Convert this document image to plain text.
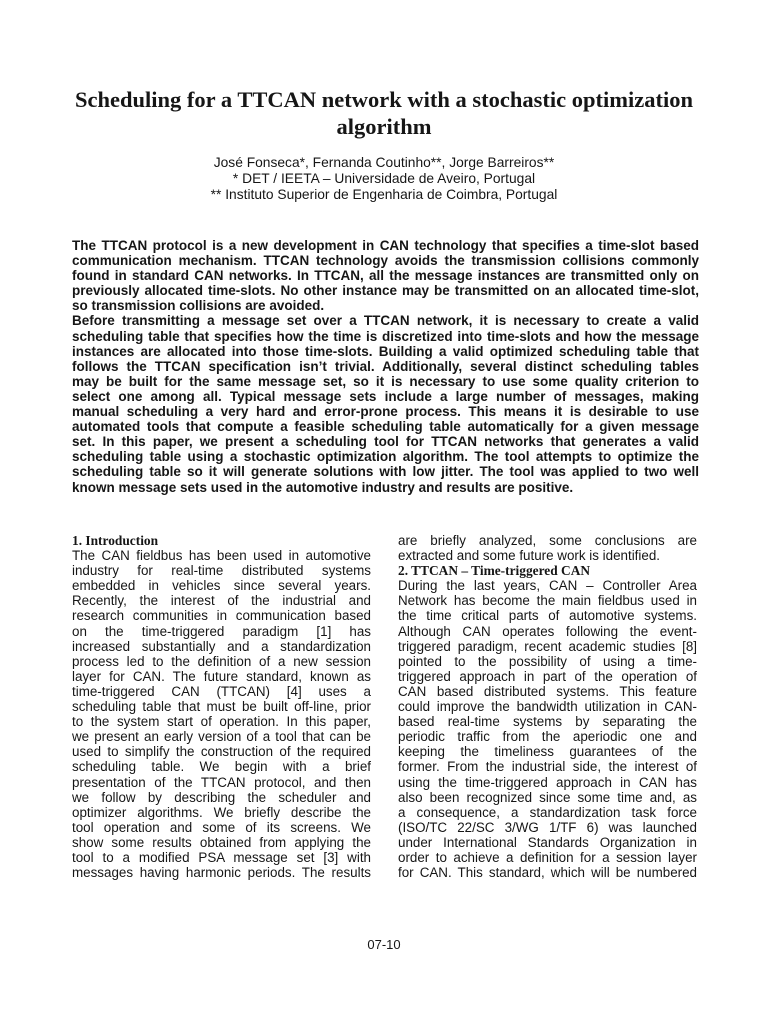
Scheduling for a TTCAN network with a stochastic optimization
algorithm
José Fonseca*, Fernanda Coutinho**, Jorge Barreiros**
* DET / IEETA – Universidade de Aveiro, Portugal
** Instituto Superior de Engenharia de Coimbra, Portugal
The TTCAN protocol is a new development in CAN technology that specifies a time-slot based
communication mechanism. TTCAN technology avoids the transmission collisions commonly
found in standard CAN networks. In TTCAN, all the message instances are transmitted only on
previously allocated time-slots. No other instance may be transmitted on an allocated time-slot,
so transmission collisions are avoided.
Before transmitting a message set over a TTCAN network, it is necessary to create a valid
scheduling table that specifies how the time is discretized into time-slots and how the message
instances are allocated into those time-slots. Building a valid optimized scheduling table that
follows the TTCAN specification isn’t trivial. Additionally, several distinct scheduling tables
may be built for the same message set, so it is necessary to use some quality criterion to
select one among all. Typical message sets include a large number of messages, making
manual scheduling a very hard and error-prone process. This means it is desirable to use
automated tools that compute a feasible scheduling table automatically for a given message
set. In this paper, we present a scheduling tool for TTCAN networks that generates a valid
scheduling table using a stochastic optimization algorithm. The tool attempts to optimize the
scheduling table so it will generate solutions with low jitter. The tool was applied to two well
known message sets used in the automotive industry and results are positive.
1. Introduction
The CAN fieldbus has been used in automotive
industry for real-time distributed systems
embedded in vehicles since several years.
Recently, the interest of the industrial and
research communities in communication based
on the time-triggered paradigm [1] has
increased substantially and a standardization
process led to the definition of a new session
layer for CAN. The future standard, known as
time-triggered CAN (TTCAN) [4] uses a
scheduling table that must be built off-line, prior
to the system start of operation. In this paper,
we present an early version of a tool that can be
used to simplify the construction of the required
scheduling table. We begin with a brief
presentation of the TTCAN protocol, and then
we follow by describing the scheduler and
optimizer algorithms. We briefly describe the
tool operation and some of its screens. We
show some results obtained from applying the
tool to a modified PSA message set [3] with
messages having harmonic periods. The results
are briefly analyzed, some conclusions are
extracted and some future work is identified.
2. TTCAN – Time-triggered CAN
During the last years, CAN – Controller Area
Network has become the main fieldbus used in
the time critical parts of automotive systems.
Although CAN operates following the event-
triggered paradigm, recent academic studies [8]
pointed to the possibility of using a time-
triggered approach in part of the operation of
CAN based distributed systems. This feature
could improve the bandwidth utilization in CAN-
based real-time systems by separating the
periodic traffic from the aperiodic one and
keeping the timeliness guarantees of the
former. From the industrial side, the interest of
using the time-triggered approach in CAN has
also been recognized since some time and, as
a consequence, a standardization task force
(ISO/TC 22/SC 3/WG 1/TF 6) was launched
under International Standards Organization in
order to achieve a definition for a session layer
for CAN. This standard, which will be numbered
07-10
